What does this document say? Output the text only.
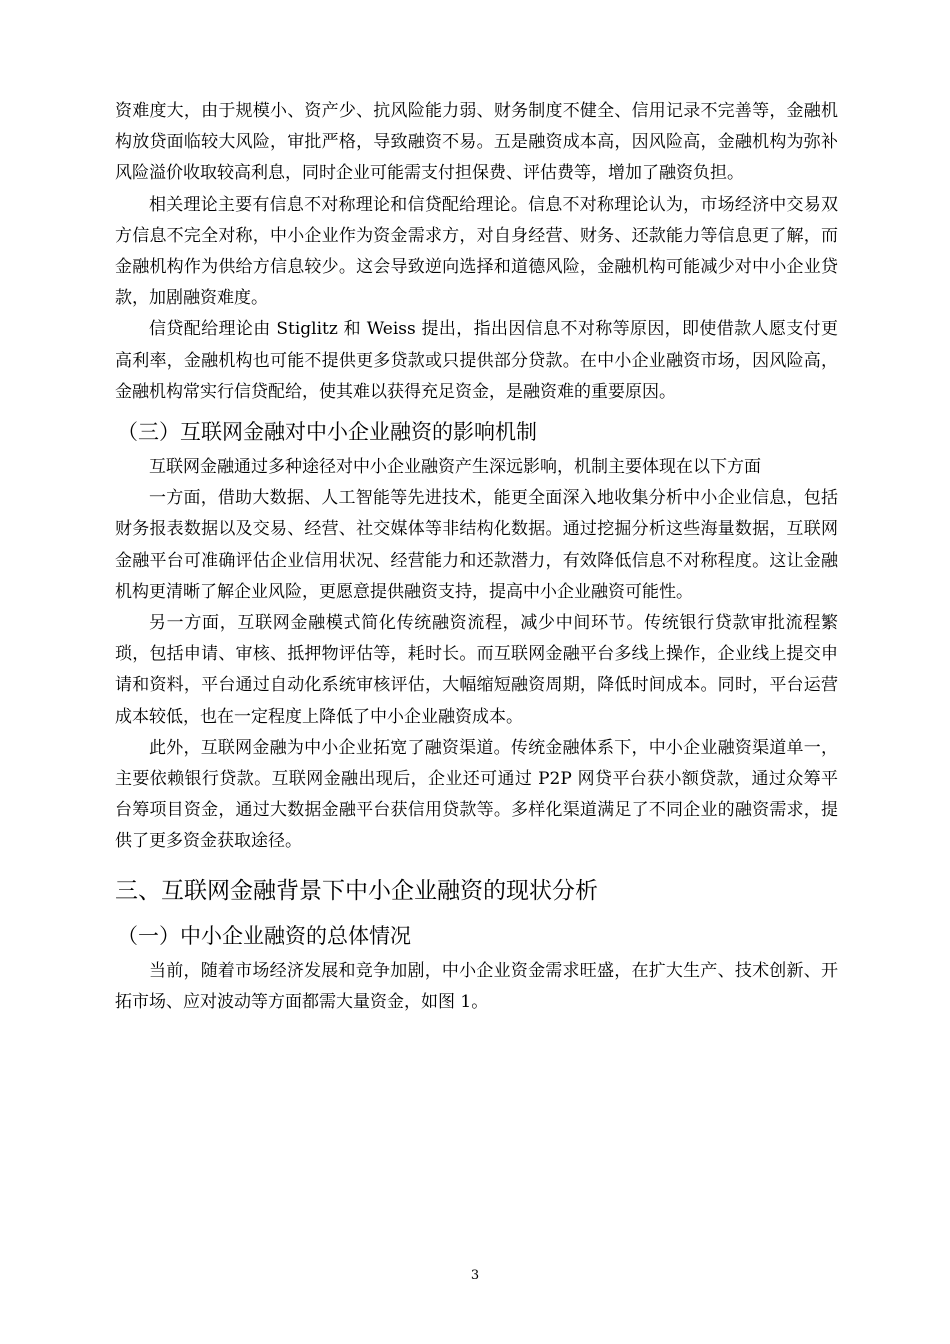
资难度大，由于规模小、资产少、抗风险能力弱、财务制度不健全、信用记录不完善等，金融机构放贷面临较大风险，审批严格，导致融资不易。五是融资成本高，因风险高，金融机构为弥补风险溢价收取较高利息，同时企业可能需支付担保费、评估费等，增加了融资负担。

相关理论主要有信息不对称理论和信贷配给理论。信息不对称理论认为，市场经济中交易双方信息不完全对称，中小企业作为资金需求方，对自身经营、财务、还款能力等信息更了解，而金融机构作为供给方信息较少。这会导致逆向选择和道德风险，金融机构可能减少对中小企业贷款，加剧融资难度。

信贷配给理论由 Stiglitz 和 Weiss 提出，指出因信息不对称等原因，即使借款人愿支付更高利率，金融机构也可能不提供更多贷款或只提供部分贷款。在中小企业融资市场，因风险高，金融机构常实行信贷配给，使其难以获得充足资金，是融资难的重要原因。

（三）互联网金融对中小企业融资的影响机制

互联网金融通过多种途径对中小企业融资产生深远影响，机制主要体现在以下方面

一方面，借助大数据、人工智能等先进技术，能更全面深入地收集分析中小企业信息，包括财务报表数据以及交易、经营、社交媒体等非结构化数据。通过挖掘分析这些海量数据，互联网金融平台可准确评估企业信用状况、经营能力和还款潜力，有效降低信息不对称程度。这让金融机构更清晰了解企业风险，更愿意提供融资支持，提高中小企业融资可能性。

另一方面，互联网金融模式简化传统融资流程，减少中间环节。传统银行贷款审批流程繁琐，包括申请、审核、抵押物评估等，耗时长。而互联网金融平台多线上操作，企业线上提交申请和资料，平台通过自动化系统审核评估，大幅缩短融资周期，降低时间成本。同时，平台运营成本较低，也在一定程度上降低了中小企业融资成本。

此外，互联网金融为中小企业拓宽了融资渠道。传统金融体系下，中小企业融资渠道单一，主要依赖银行贷款。互联网金融出现后，企业还可通过 P2P 网贷平台获小额贷款，通过众筹平台筹项目资金，通过大数据金融平台获信用贷款等。多样化渠道满足了不同企业的融资需求，提供了更多资金获取途径。

三、互联网金融背景下中小企业融资的现状分析
（一）中小企业融资的总体情况

当前，随着市场经济发展和竞争加剧，中小企业资金需求旺盛，在扩大生产、技术创新、开拓市场、应对波动等方面都需大量资金，如图 1。

3
